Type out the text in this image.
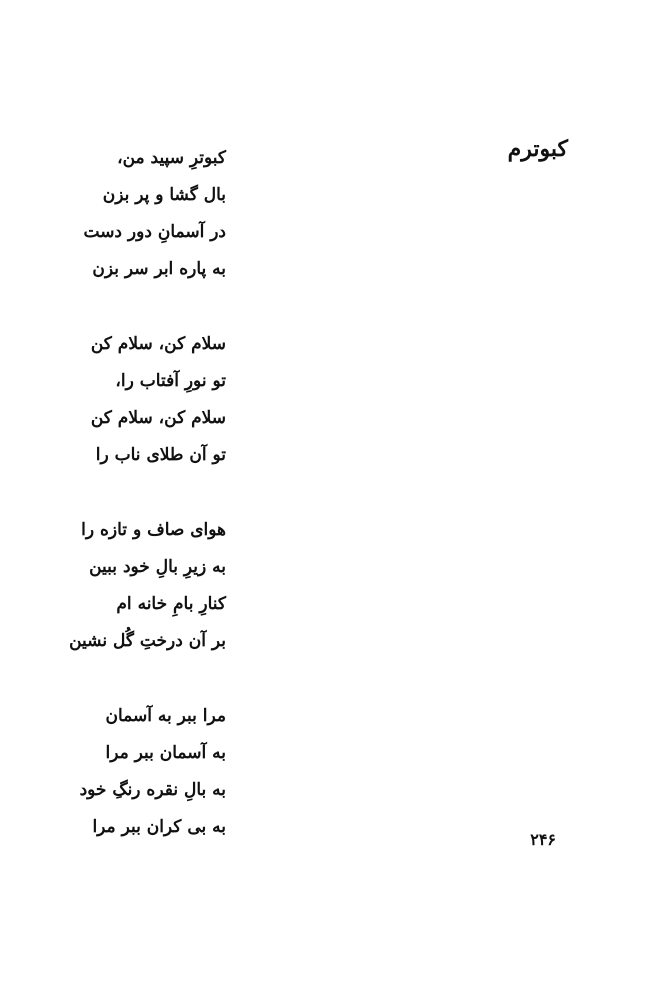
کبوترم
کبوترِ سپید من،
بال گشا و پر بزن
در آسمانِ دور دست
به پاره ابر سر بزن
سلام کن، سلام کن
تو نورِ آفتاب را،
سلام کن، سلام کن
تو آن طلای ناب را
هوای صاف و تازه را
به زیرِ بالِ خود ببین
کنارِ بامِ خانه ام
بر آن درختِ گُل نشین
مرا ببر به آسمان
به آسمان ببر مرا
به بالِ نقره رنگِ خود
به بی کران ببر مرا
۲۴۶
